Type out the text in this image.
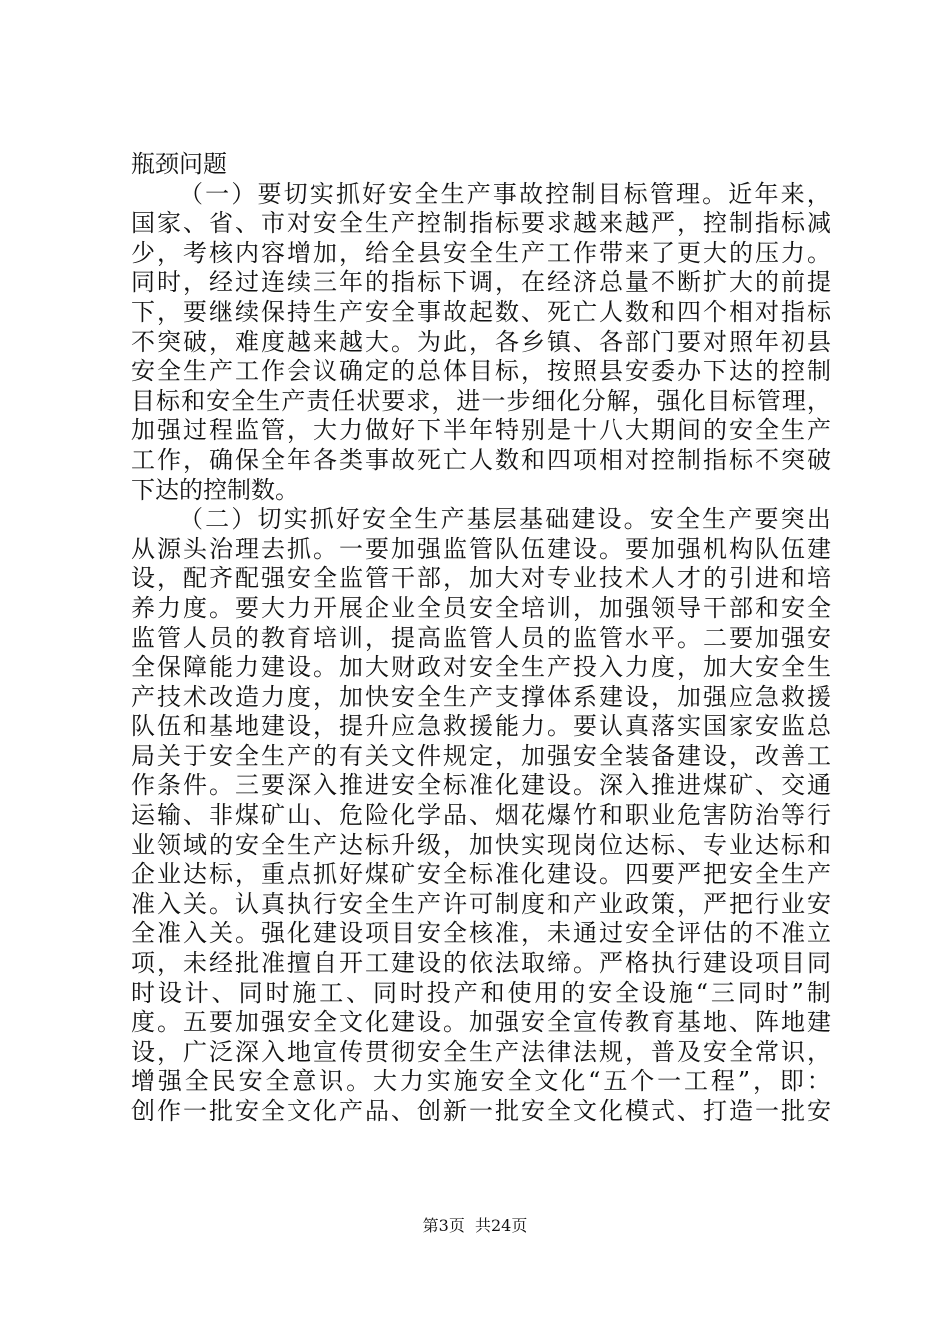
瓶颈问题
（ 一 ） 要 切 实 抓 好 安 全 生 产 事 故 控 制 目 标 管 理 。 近 年 来 ，
国 家 、 省 、 市 对 安 全 生 产 控 制 指 标 要 求 越 来 越 严 ， 控 制 指 标 减
少 ， 考 核 内 容 增 加 ， 给 全 县 安 全 生 产 工 作 带 来 了 更 大 的 压 力 。
同 时 ， 经 过 连 续 三 年 的 指 标 下 调 ， 在 经 济 总 量 不 断 扩 大 的 前 提
下 ， 要 继 续 保 持 生 产 安 全 事 故 起 数 、 死 亡 人 数 和 四 个 相 对 指 标
不 突 破 ， 难 度 越 来 越 大 。 为 此 ， 各 乡 镇 、 各 部 门 要 对 照 年 初 县
安 全 生 产 工 作 会 议 确 定 的 总 体 目 标 ， 按 照 县 安 委 办 下 达 的 控 制
目 标 和 安 全 生 产 责 任 状 要 求 ， 进 一 步 细 化 分 解 ， 强 化 目 标 管 理 ，
加 强 过 程 监 管 ， 大 力 做 好 下 半 年 特 别 是 十 八 大 期 间 的 安 全 生 产
工 作 ， 确 保 全 年 各 类 事 故 死 亡 人 数 和 四 项 相 对 控 制 指 标 不 突 破
下达的控制数。
（ 二 ） 切 实 抓 好 安 全 生 产 基 层 基 础 建 设 。 安 全 生 产 要 突 出
从 源 头 治 理 去 抓 。 一 要 加 强 监 管 队 伍 建 设 。 要 加 强 机 构 队 伍 建
设 ， 配 齐 配 强 安 全 监 管 干 部 ， 加 大 对 专 业 技 术 人 才 的 引 进 和 培
养 力 度 。 要 大 力 开 展 企 业 全 员 安 全 培 训 ， 加 强 领 导 干 部 和 安 全
监 管 人 员 的 教 育 培 训 ， 提 高 监 管 人 员 的 监 管 水 平 。 二 要 加 强 安
全 保 障 能 力 建 设 。 加 大 财 政 对 安 全 生 产 投 入 力 度 ， 加 大 安 全 生
产 技 术 改 造 力 度 ， 加 快 安 全 生 产 支 撑 体 系 建 设 ， 加 强 应 急 救 援
队 伍 和 基 地 建 设 ， 提 升 应 急 救 援 能 力 。 要 认 真 落 实 国 家 安 监 总
局 关 于 安 全 生 产 的 有 关 文 件 规 定 ， 加 强 安 全 装 备 建 设 ， 改 善 工
作 条 件 。 三 要 深 入 推 进 安 全 标 准 化 建 设 。 深 入 推 进 煤 矿 、 交 通
运 输 、 非 煤 矿 山 、 危 险 化 学 品 、 烟 花 爆 竹 和 职 业 危 害 防 治 等 行
业 领 域 的 安 全 生 产 达 标 升 级 ， 加 快 实 现 岗 位 达 标 、 专 业 达 标 和
企 业 达 标 ， 重 点 抓 好 煤 矿 安 全 标 准 化 建 设 。 四 要 严 把 安 全 生 产
准 入 关 。 认 真 执 行 安 全 生 产 许 可 制 度 和 产 业 政 策 ， 严 把 行 业 安
全 准 入 关 。 强 化 建 设 项 目 安 全 核 准 ， 未 通 过 安 全 评 估 的 不 准 立
项 ， 未 经 批 准 擅 自 开 工 建 设 的 依 法 取 缔 。 严 格 执 行 建 设 项 目 同
时 设 计 、 同 时 施 工 、 同 时 投 产 和 使 用 的 安 全 设 施 “ 三 同 时 ” 制
度 。 五 要 加 强 安 全 文 化 建 设 。 加 强 安 全 宣 传 教 育 基 地 、 阵 地 建
设 ， 广 泛 深 入 地 宣 传 贯 彻 安 全 生 产 法 律 法 规 ， 普 及 安 全 常 识 ，
增 强 全 民 安 全 意 识 。 大 力 实 施 安 全 文 化 “ 五 个 一 工 程 ” ， 即 ：
创 作 一 批 安 全 文 化 产 品 、 创 新 一 批 安 全 文 化 模 式 、 打 造 一 批 安
第3页  共24页
